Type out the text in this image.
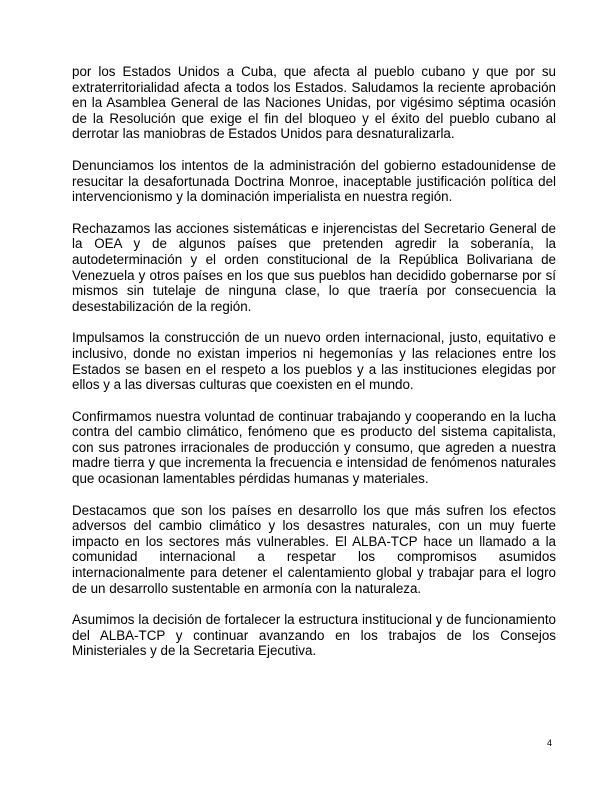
por los Estados Unidos a Cuba, que afecta al pueblo cubano y que por su extraterritorialidad afecta a todos los Estados. Saludamos la reciente aprobación en la Asamblea General de las Naciones Unidas, por vigésimo séptima ocasión de la Resolución que exige el fin del bloqueo y el éxito del pueblo cubano al derrotar las maniobras de Estados Unidos para desnaturalizarla.

Denunciamos los intentos de la administración del gobierno estadounidense de resucitar la desafortunada Doctrina Monroe, inaceptable justificación política del intervencionismo y la dominación imperialista en nuestra región.

Rechazamos las acciones sistemáticas e injerencistas del Secretario General de la OEA y de algunos países que pretenden agredir la soberanía, la autodeterminación y el orden constitucional de la República Bolivariana de Venezuela y otros países en los que sus pueblos han decidido gobernarse por sí mismos sin tutelaje de ninguna clase, lo que traería por consecuencia la desestabilización de la región.

Impulsamos la construcción de un nuevo orden internacional, justo, equitativo e inclusivo, donde no existan imperios ni hegemonías y las relaciones entre los Estados se basen en el respeto a los pueblos y a las instituciones elegidas por ellos y a las diversas culturas que coexisten en el mundo.

Confirmamos nuestra voluntad de continuar trabajando y cooperando en la lucha contra del cambio climático, fenómeno que es producto del sistema capitalista, con sus patrones irracionales de producción y consumo, que agreden a nuestra madre tierra y que incrementa la frecuencia e intensidad de fenómenos naturales que ocasionan lamentables pérdidas humanas y materiales.

Destacamos que son los países en desarrollo los que más sufren los efectos adversos del cambio climático y los desastres naturales, con un muy fuerte impacto en los sectores más vulnerables. El ALBA-TCP hace un llamado a la comunidad internacional a respetar los compromisos asumidos internacionalmente para detener el calentamiento global y trabajar para el logro de un desarrollo sustentable en armonía con la naturaleza.

Asumimos la decisión de fortalecer la estructura institucional y de funcionamiento del ALBA-TCP y continuar avanzando en los trabajos de los Consejos Ministeriales y de la Secretaria Ejecutiva.

4
